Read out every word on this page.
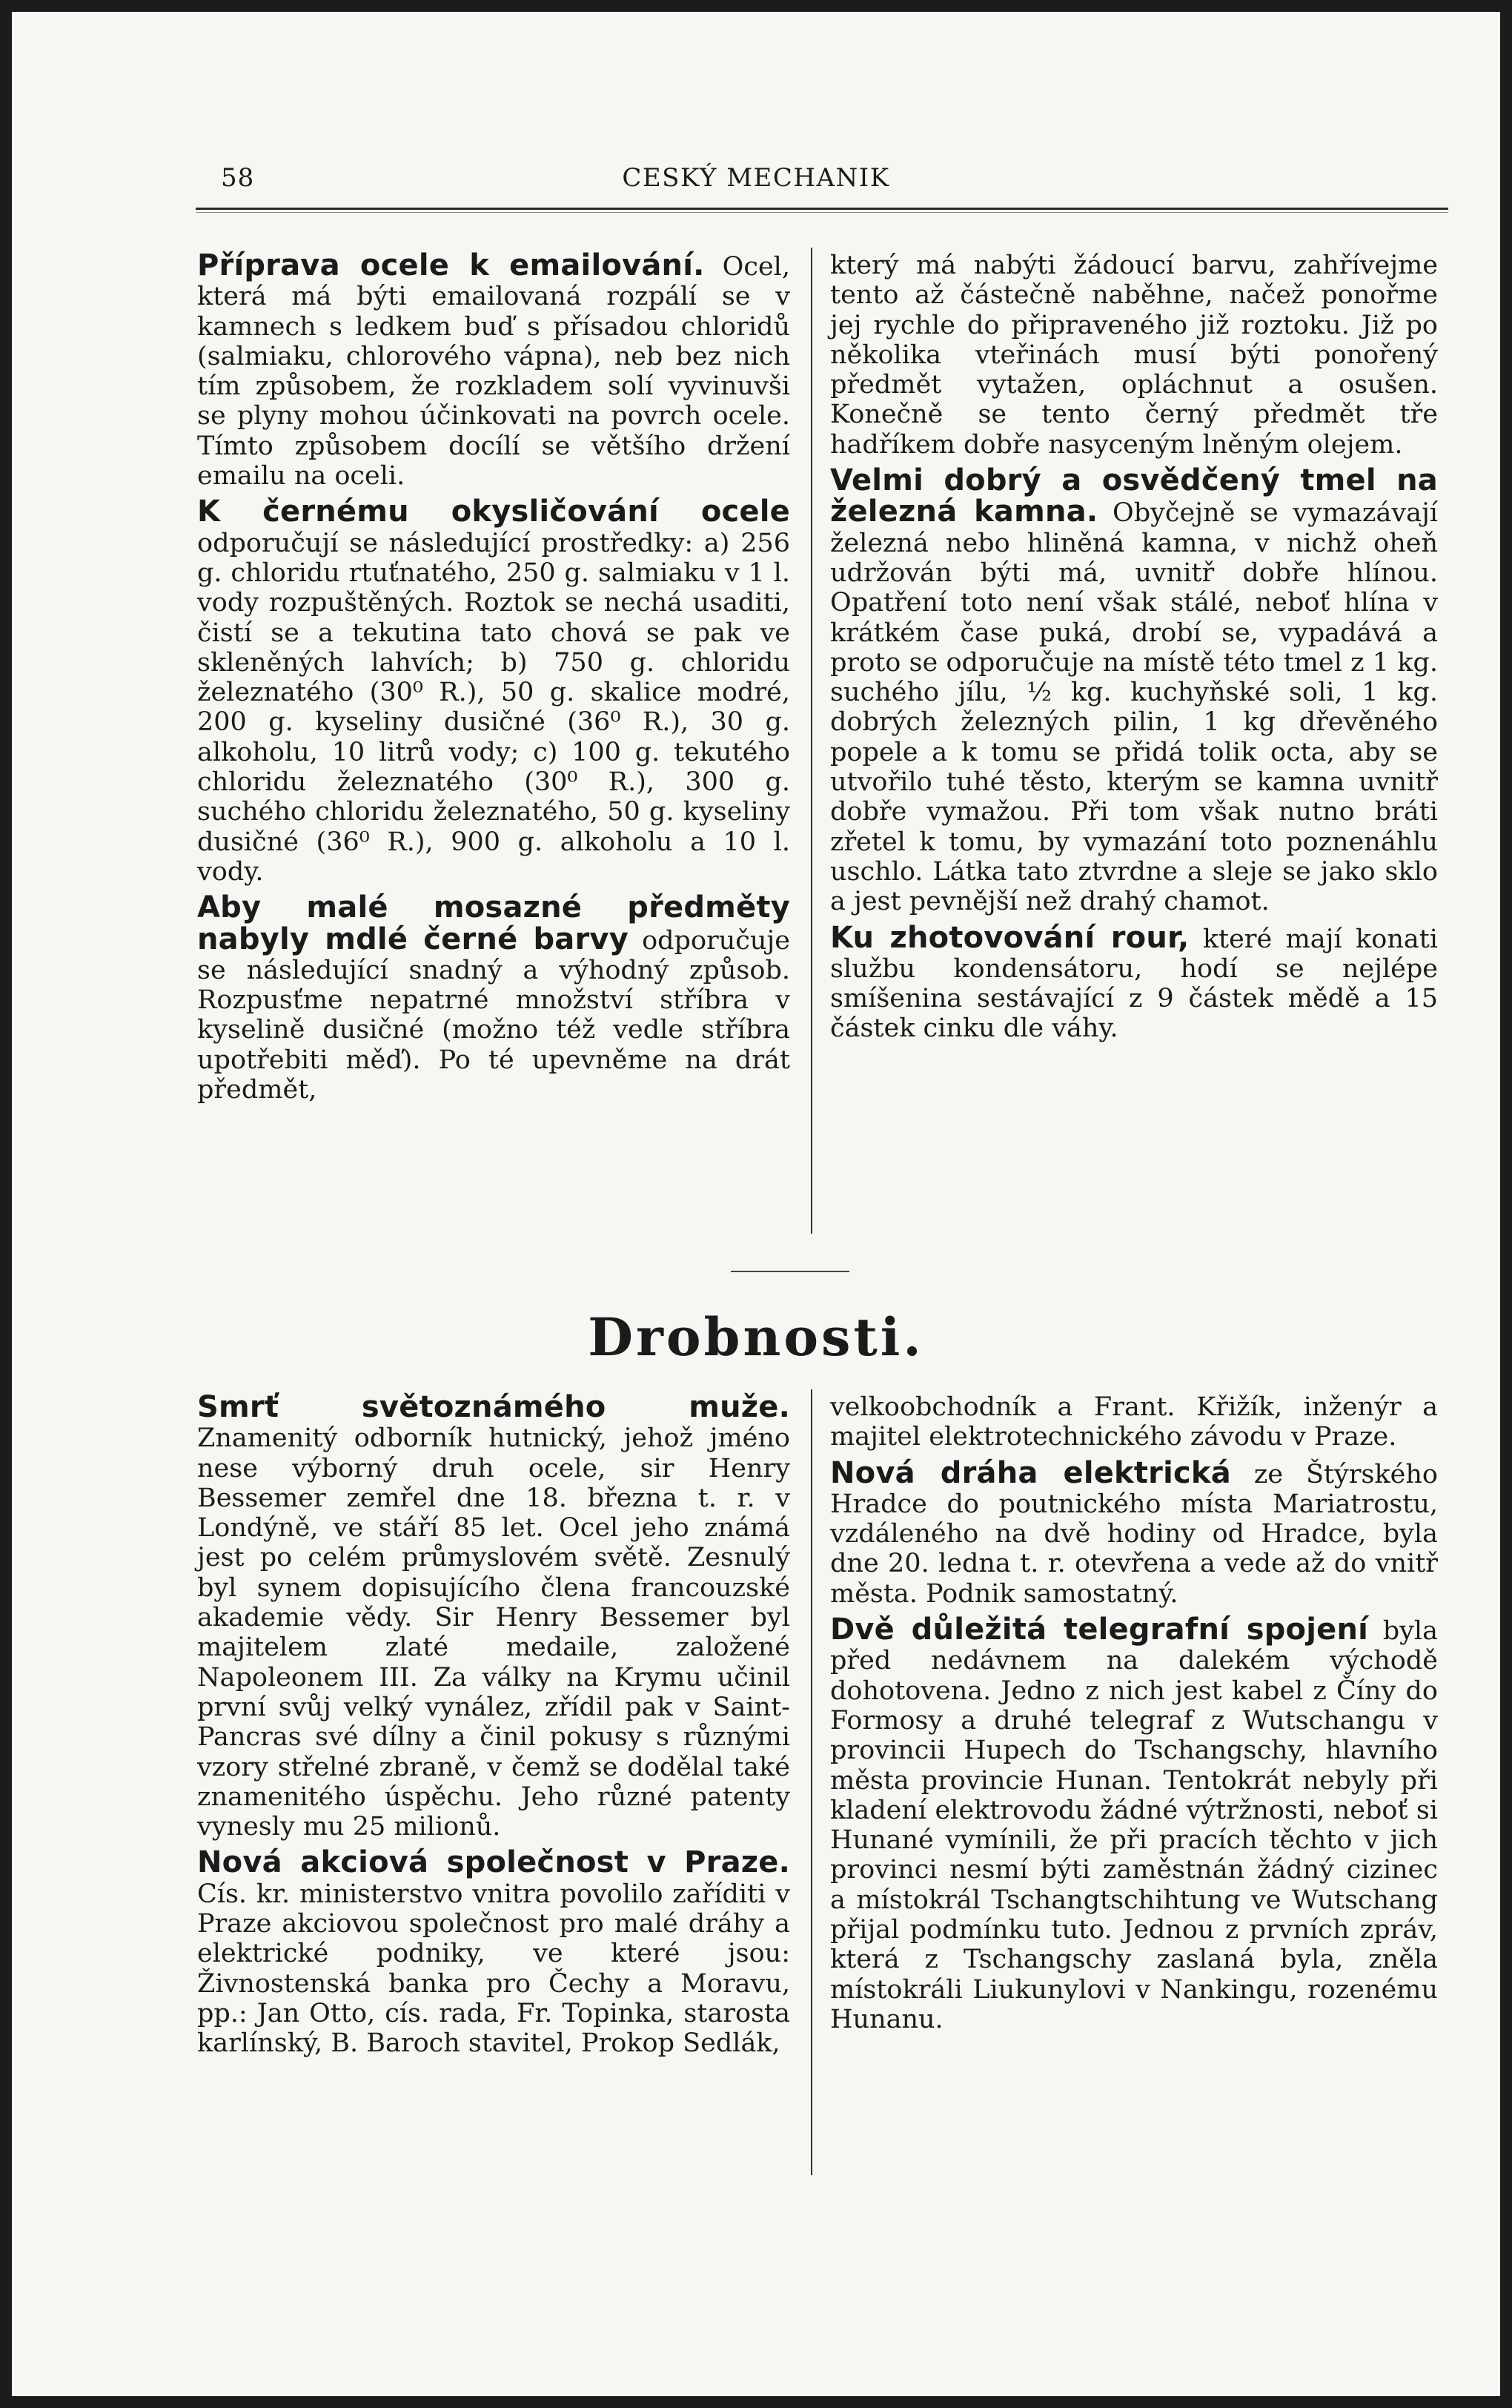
58	CESKÝ MECHANIK

Příprava ocele k emailování. Ocel, která má býti emailovaná rozpálí se v kamnech s ledkem buď s přísadou chloridů (salmiaku, chlorového vápna), neb bez nich tím způsobem, že rozkladem solí vyvinuvši se plyny mohou účinkovati na povrch ocele. Tímto způsobem docílí se většího držení emailu na oceli.

K černému okysličování ocele odporučují se následující prostředky: a) 256 g. chloridu rtuťnatého, 250 g. salmiaku v 1 l. vody rozpuštěných. Roztok se nechá usaditi, čistí se a tekutina tato chová se pak ve skleněných lahvích; b) 750 g. chloridu železnatého (30⁰ R.), 50 g. skalice modré, 200 g. kyseliny dusičné (36⁰ R.), 30 g. alkoholu, 10 litrů vody; c) 100 g. tekutého chloridu železnatého (30⁰ R.), 300 g. suchého chloridu železnatého, 50 g. kyseliny dusičné (36⁰ R.), 900 g. alkoholu a 10 l. vody.

Aby malé mosazné předměty nabyly mdlé černé barvy odporučuje se následující snadný a výhodný způsob. Rozpusťme nepatrné množství stříbra v kyselině dusičné (možno též vedle stříbra upotřebiti měď). Po té upevněme na drát předmět,

který má nabýti žádoucí barvu, zahřívejme tento až částečně naběhne, načež ponořme jej rychle do připraveného již roztoku. Již po několika vteřinách musí býti ponořený předmět vytažen, opláchnut a osušen. Konečně se tento černý předmět tře hadříkem dobře nasyceným lněným olejem.

Velmi dobrý a osvědčený tmel na železná kamna. Obyčejně se vymazávají železná nebo hliněná kamna, v nichž oheň udržován býti má, uvnitř dobře hlínou. Opatření toto není však stálé, neboť hlína v krátkém čase puká, drobí se, vypadává a proto se odporučuje na místě této tmel z 1 kg. suchého jílu, ½ kg. kuchyňské soli, 1 kg. dobrých železných pilin, 1 kg dřevěného popele a k tomu se přidá tolik octa, aby se utvořilo tuhé těsto, kterým se kamna uvnitř dobře vymažou. Při tom však nutno bráti zřetel k tomu, by vymazání toto poznenáhlu uschlo. Látka tato ztvrdne a sleje se jako sklo a jest pevnější než drahý chamot.

Ku zhotovování rour, které mají konati službu kondensátoru, hodí se nejlépe smíšenina sestávající z 9 částek mědě a 15 částek cinku dle váhy.

Drobnosti.

Smrť světoznámého muže. Znamenitý odborník hutnický, jehož jméno nese výborný druh ocele, sir Henry Bessemer zemřel dne 18. března t. r. v Londýně, ve stáří 85 let. Ocel jeho známá jest po celém průmyslovém světě. Zesnulý byl synem dopisujícího člena francouzské akademie vědy. Sir Henry Bessemer byl majitelem zlaté medaile, založené Napoleonem III. Za války na Krymu učinil první svůj velký vynález, zřídil pak v Saint-Pancras své dílny a činil pokusy s různými vzory střelné zbraně, v čemž se dodělal také znamenitého úspěchu. Jeho různé patenty vynesly mu 25 milionů.

Nová akciová společnost v Praze. Cís. kr. ministerstvo vnitra povolilo zaříditi v Praze akciovou společnost pro malé dráhy a elektrické podniky, ve které jsou: Živnostenská banka pro Čechy a Moravu, pp.: Jan Otto, cís. rada, Fr. Topinka, starosta karlínský, B. Baroch stavitel, Prokop Sedlák,

velkoobchodník a Frant. Křižík, inženýr a majitel elektrotechnického závodu v Praze.

Nová dráha elektrická ze Štýrského Hradce do poutnického místa Mariatrostu, vzdáleného na dvě hodiny od Hradce, byla dne 20. ledna t. r. otevřena a vede až do vnitř města. Podnik samostatný.

Dvě důležitá telegrafní spojení byla před nedávnem na dalekém východě dohotovena. Jedno z nich jest kabel z Číny do Formosy a druhé telegraf z Wutschangu v provincii Hupech do Tschangschy, hlavního města provincie Hunan. Tentokrát nebyly při kladení elektrovodu žádné výtržnosti, neboť si Hunané vymínili, že při pracích těchto v jich provinci nesmí býti zaměstnán žádný cizinec a místokrál Tschangtschihtung ve Wutschang přijal podmínku tuto. Jednou z prvních zpráv, která z Tschangschy zaslaná byla, zněla místokráli Liukunylovi v Nankingu, rozenému Hunanu.
